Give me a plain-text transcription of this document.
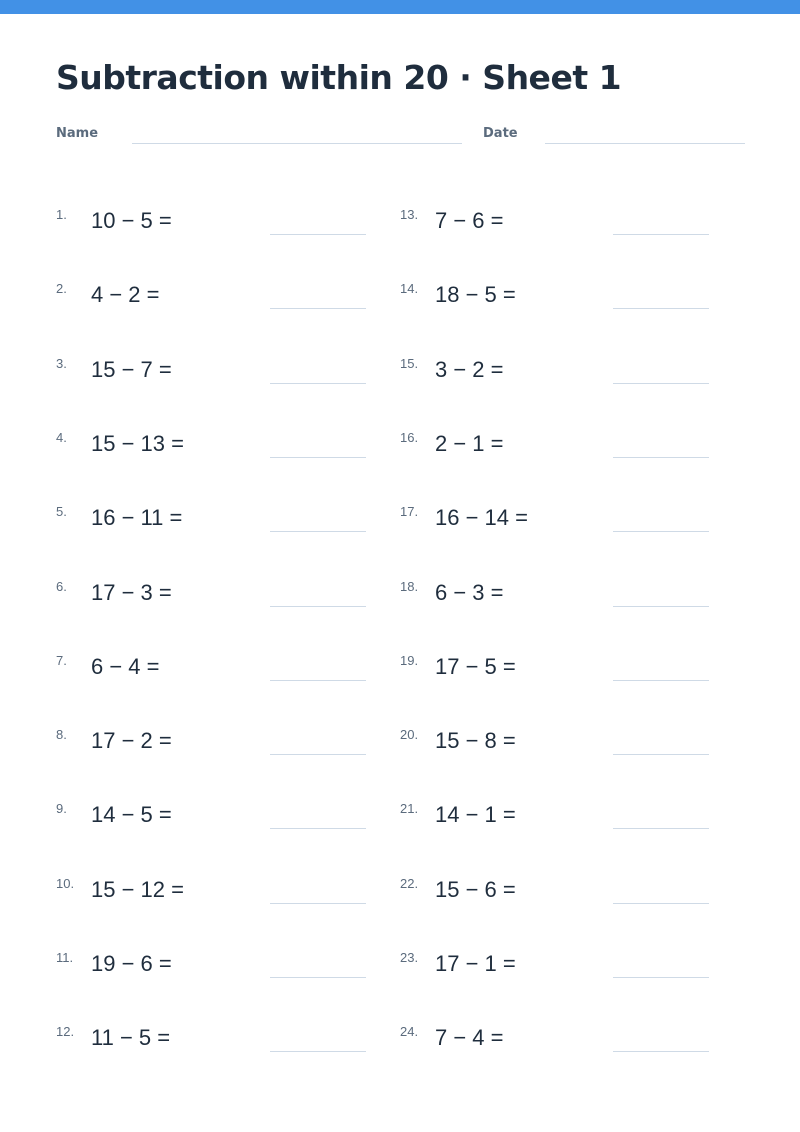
Subtraction within 20 · Sheet 1
Name	Date
1. 10 − 5 =
2. 4 − 2 =
3. 15 − 7 =
4. 15 − 13 =
5. 16 − 11 =
6. 17 − 3 =
7. 6 − 4 =
8. 17 − 2 =
9. 14 − 5 =
10. 15 − 12 =
11. 19 − 6 =
12. 11 − 5 =
13. 7 − 6 =
14. 18 − 5 =
15. 3 − 2 =
16. 2 − 1 =
17. 16 − 14 =
18. 6 − 3 =
19. 17 − 5 =
20. 15 − 8 =
21. 14 − 1 =
22. 15 − 6 =
23. 17 − 1 =
24. 7 − 4 =
